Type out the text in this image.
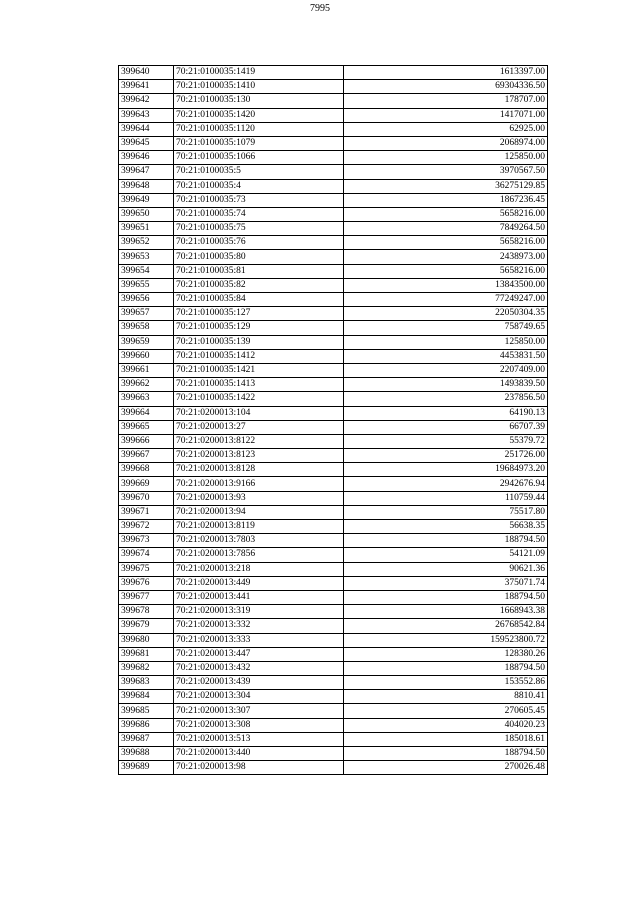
7995
399640	70:21:0100035:1419	1613397.00
399641	70:21:0100035:1410	69304336.50
399642	70:21:0100035:130	178707.00
399643	70:21:0100035:1420	1417071.00
399644	70:21:0100035:1120	62925.00
399645	70:21:0100035:1079	2068974.00
399646	70:21:0100035:1066	125850.00
399647	70:21:0100035:5	3970567.50
399648	70:21:0100035:4	36275129.85
399649	70:21:0100035:73	1867236.45
399650	70:21:0100035:74	5658216.00
399651	70:21:0100035:75	7849264.50
399652	70:21:0100035:76	5658216.00
399653	70:21:0100035:80	2438973.00
399654	70:21:0100035:81	5658216.00
399655	70:21:0100035:82	13843500.00
399656	70:21:0100035:84	77249247.00
399657	70:21:0100035:127	22050304.35
399658	70:21:0100035:129	758749.65
399659	70:21:0100035:139	125850.00
399660	70:21:0100035:1412	4453831.50
399661	70:21:0100035:1421	2207409.00
399662	70:21:0100035:1413	1493839.50
399663	70:21:0100035:1422	237856.50
399664	70:21:0200013:104	64190.13
399665	70:21:0200013:27	66707.39
399666	70:21:0200013:8122	55379.72
399667	70:21:0200013:8123	251726.00
399668	70:21:0200013:8128	19684973.20
399669	70:21:0200013:9166	2942676.94
399670	70:21:0200013:93	110759.44
399671	70:21:0200013:94	75517.80
399672	70:21:0200013:8119	56638.35
399673	70:21:0200013:7803	188794.50
399674	70:21:0200013:7856	54121.09
399675	70:21:0200013:218	90621.36
399676	70:21:0200013:449	375071.74
399677	70:21:0200013:441	188794.50
399678	70:21:0200013:319	1668943.38
399679	70:21:0200013:332	26768542.84
399680	70:21:0200013:333	159523800.72
399681	70:21:0200013:447	128380.26
399682	70:21:0200013:432	188794.50
399683	70:21:0200013:439	153552.86
399684	70:21:0200013:304	8810.41
399685	70:21:0200013:307	270605.45
399686	70:21:0200013:308	404020.23
399687	70:21:0200013:513	185018.61
399688	70:21:0200013:440	188794.50
399689	70:21:0200013:98	270026.48
